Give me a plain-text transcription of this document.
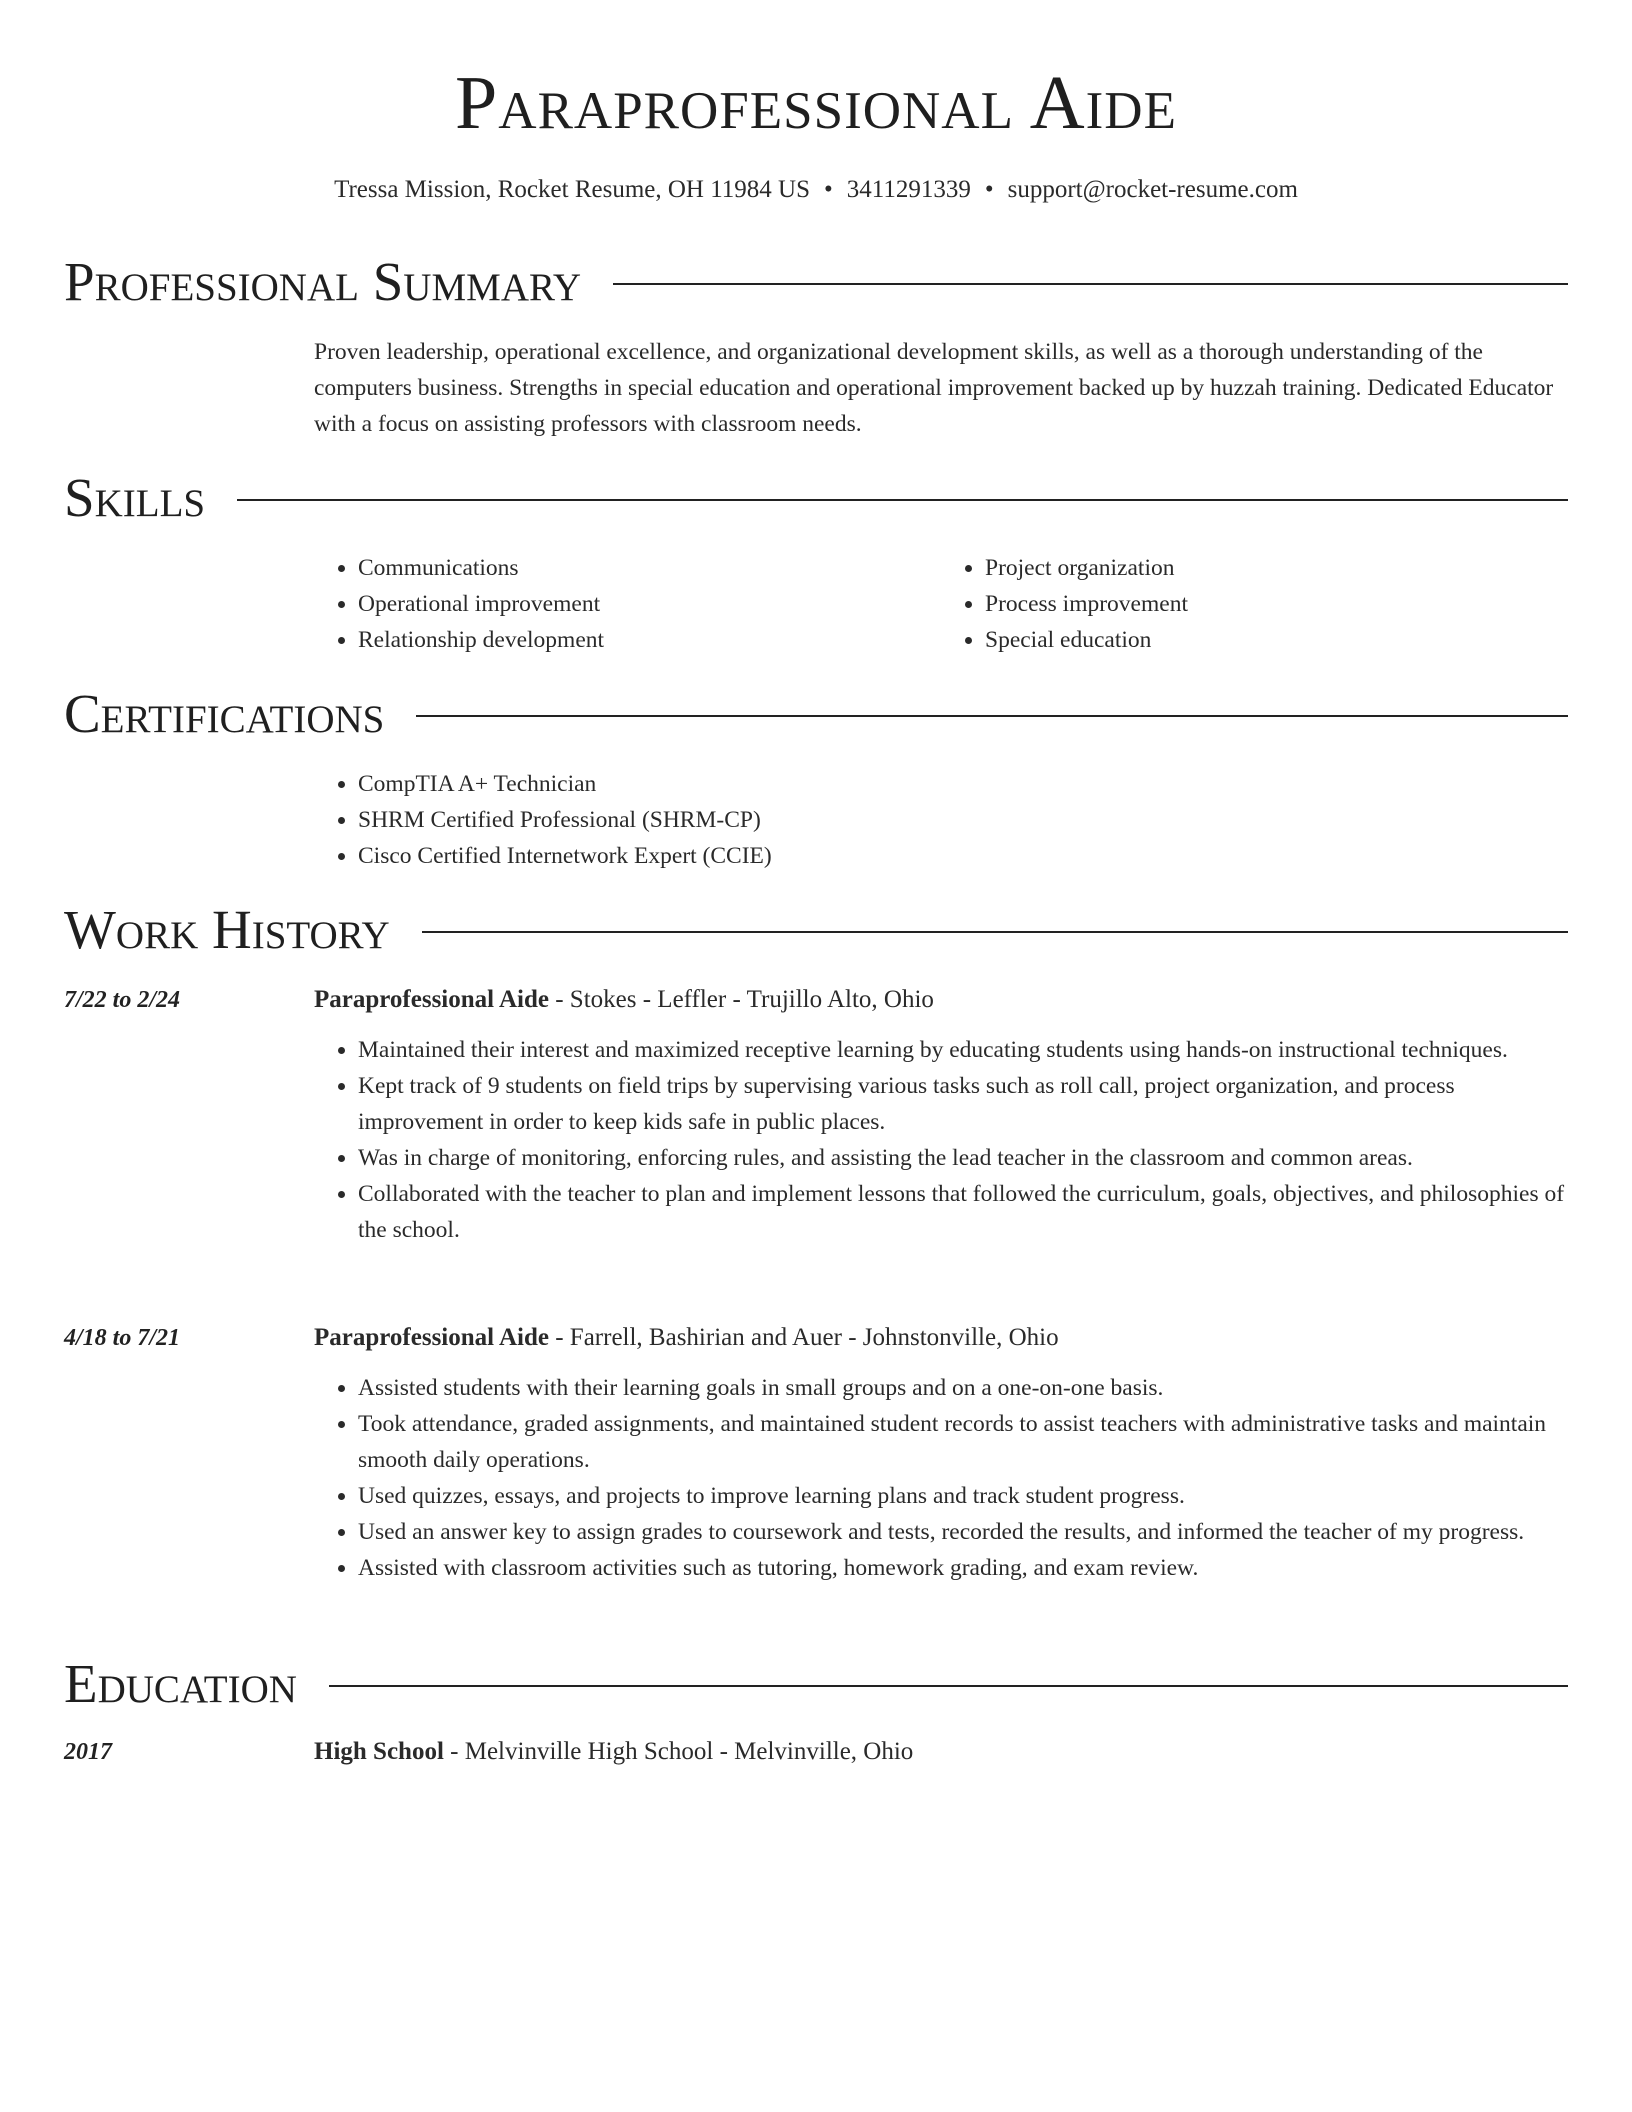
Paraprofessional Aide
Tressa Mission, Rocket Resume, OH 11984 US • 3411291339 • support@rocket-resume.com
Professional Summary

Proven leadership, operational excellence, and organizational development skills, as well as a thorough understanding of the computers business. Strengths in special education and operational improvement backed up by huzzah training. Dedicated Educator with a focus on assisting professors with classroom needs.

Skills
• Communications
• Operational improvement
• Relationship development
• Project organization
• Process improvement
• Special education
Certifications
• CompTIA A+ Technician
• SHRM Certified Professional (SHRM-CP)
• Cisco Certified Internetwork Expert (CCIE)
Work History
7/22 to 2/24	Paraprofessional Aide - Stokes - Leffler - Trujillo Alto, Ohio

• Maintained their interest and maximized receptive learning by educating students using hands-on instructional techniques.
• Kept track of 9 students on field trips by supervising various tasks such as roll call, project organization, and process improvement in order to keep kids safe in public places.
• Was in charge of monitoring, enforcing rules, and assisting the lead teacher in the classroom and common areas.
• Collaborated with the teacher to plan and implement lessons that followed the curriculum, goals, objectives, and philosophies of the school.
4/18 to 7/21	Paraprofessional Aide - Farrell, Bashirian and Auer - Johnstonville, Ohio

• Assisted students with their learning goals in small groups and on a one-on-one basis.
• Took attendance, graded assignments, and maintained student records to assist teachers with administrative tasks and maintain smooth daily operations.
• Used quizzes, essays, and projects to improve learning plans and track student progress.
• Used an answer key to assign grades to coursework and tests, recorded the results, and informed the teacher of my progress.
• Assisted with classroom activities such as tutoring, homework grading, and exam review.
Education
2017	High School - Melvinville High School - Melvinville, Ohio
